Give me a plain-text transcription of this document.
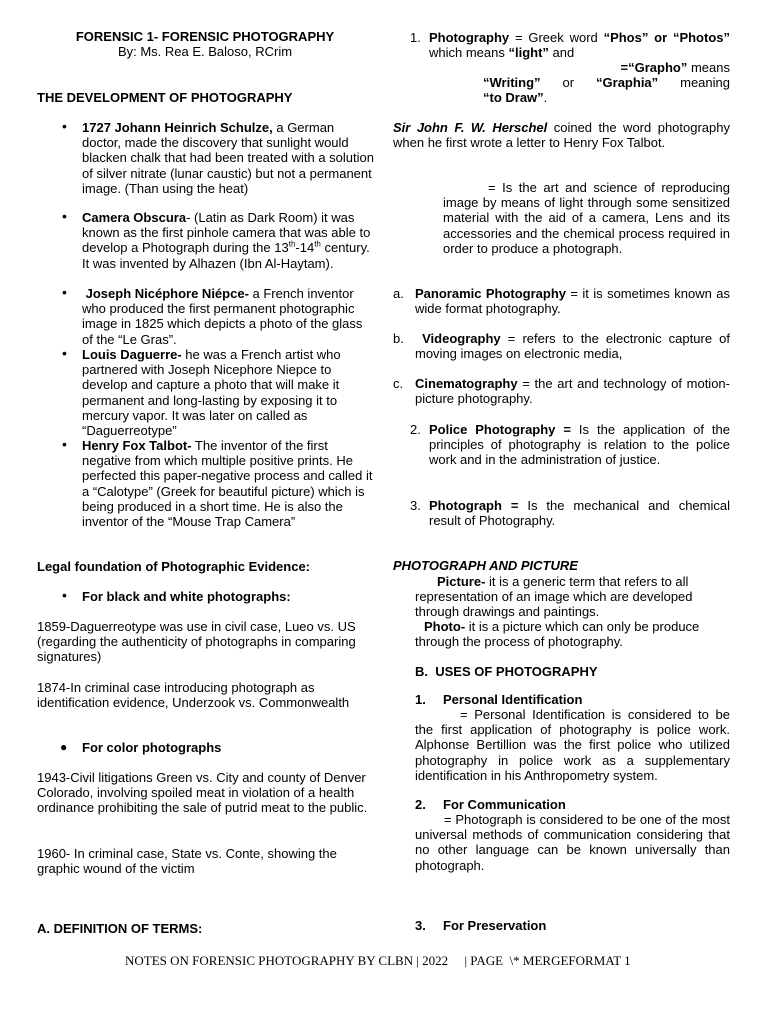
FORENSIC 1- FORENSIC PHOTOGRAPHY
By: Ms. Rea E. Baloso, RCrim
THE DEVELOPMENT OF PHOTOGRAPHY
• 1727 Johann Heinrich Schulze, a German doctor, made the discovery that sunlight would blacken chalk that had been treated with a solution of silver nitrate (lunar caustic) but not a permanent image. (Than using the heat)
• Camera Obscura- (Latin as Dark Room) it was known as the first pinhole camera that was able to develop a Photograph during the 13th-14th century. It was invented by Alhazen (Ibn Al-Haytam).
• Joseph Nicéphore Niépce- a French inventor who produced the first permanent photographic image in 1825 which depicts a photo of the glass of the “Le Gras”.
• Louis Daguerre- he was a French artist who partnered with Joseph Nicephore Niepce to develop and capture a photo that will make it permanent and long-lasting by exposing it to mercury vapor. It was later on called as “Daguerreotype”
• Henry Fox Talbot- The inventor of the first negative from which multiple positive prints. He perfected this paper-negative process and called it a “Calotype” (Greek for beautiful picture) which is being produced in a short time. He is also the inventor of the “Mouse Trap Camera”
Legal foundation of Photographic Evidence:
• For black and white photographs:
1859-Daguerreotype was use in civil case, Lueo vs. US (regarding the authenticity of photographs in comparing signatures)
1874-In criminal case introducing photograph as identification evidence, Underzook vs. Commonwealth
● For color photographs
1943-Civil litigations Green vs. City and county of Denver Colorado, involving spoiled meat in violation of a health ordinance prohibiting the sale of putrid meat to the public.
1960- In criminal case, State vs. Conte, showing the graphic wound of the victim
A. DEFINITION OF TERMS:
1. Photography = Greek word “Phos” or “Photos” which means “light” and
=“Grapho” means
“Writing” or “Graphia” meaning
“to Draw”.
Sir John F. W. Herschel coined the word photography when he first wrote a letter to Henry Fox Talbot.
= Is the art and science of reproducing image by means of light through some sensitized material with the aid of a camera, Lens and its accessories and the chemical process required in order to produce a photograph.
a. Panoramic Photography = it is sometimes known as wide format photography.
b.	Videography = refers to the electronic capture of moving images on electronic media,
c. Cinematography = the art and technology of motion-picture photography.
2. Police Photography = Is the application of the principles of photography is relation to the police work and in the administration of justice.
3. Photograph = Is the mechanical and chemical result of Photography.
PHOTOGRAPH AND PICTURE
Picture- it is a generic term that refers to all representation of an image which are developed through drawings and paintings.
Photo- it is a picture which can only be produce through the process of photography.
B.  USES OF PHOTOGRAPHY
1. Personal Identification
= Personal Identification is considered to be the first application of photography is police work. Alphonse Bertillion was the first police who utilized photography in police work as a supplementary identification in his Anthropometry system.
2. For Communication
= Photograph is considered to be one of the most universal methods of communication considering that no other language can be known universally than photograph.
3. For Preservation
NOTES ON FORENSIC PHOTOGRAPHY BY CLBN | 2022 | PAGE  \* MERGEFORMAT 1
